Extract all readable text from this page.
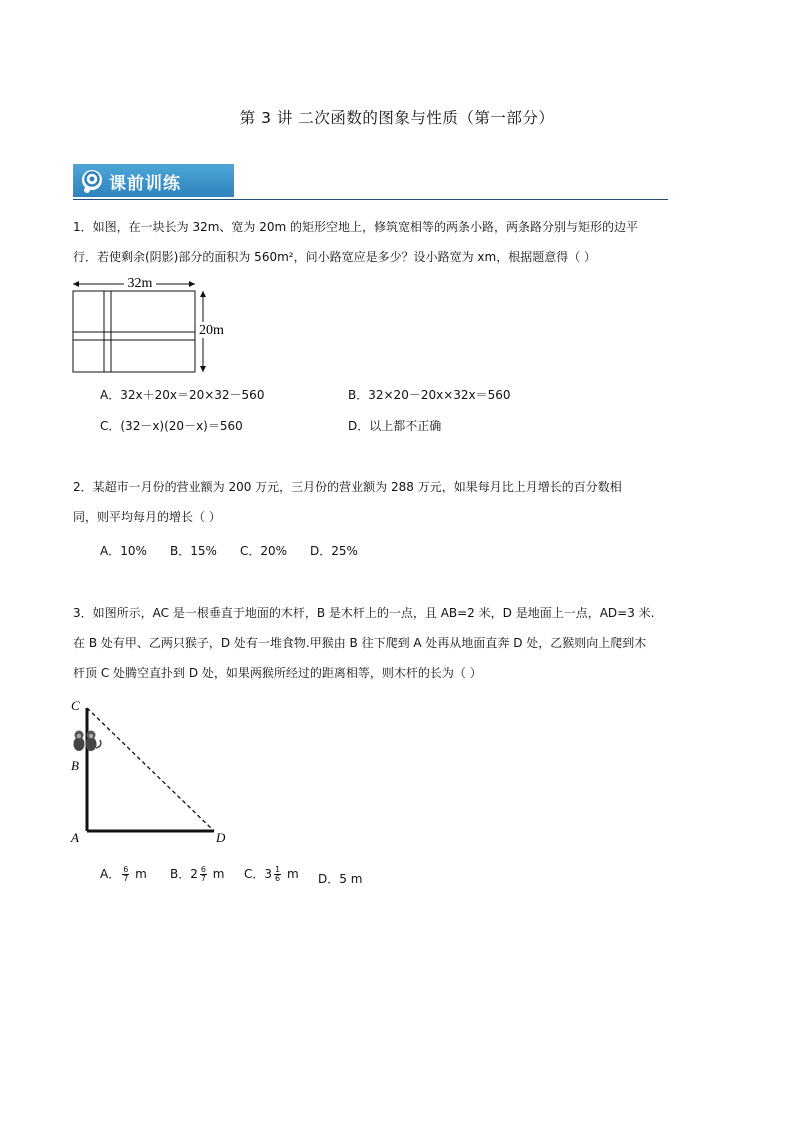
第 3 讲 二次函数的图象与性质（第一部分）
课前训练
1．如图，在一块长为 32m、宽为 20m 的矩形空地上，修筑宽相等的两条小路，两条路分别与矩形的边平
行．若使剩余(阴影)部分的面积为 560m²，问小路宽应是多少？设小路宽为 xm，根据题意得（ ）
32m
20m
A．32x＋20x＝20×32－560	B．32×20－20x×32x＝560
C．(32－x)(20－x)＝560	D．以上都不正确
2．某超市一月份的营业额为 200 万元，三月份的营业额为 288 万元，如果每月比上月增长的百分数相
同，则平均每月的增长（ ）
A．10% B．15% C．20% D．25%
3．如图所示，AC 是一根垂直于地面的木杆，B 是木杆上的一点，且 AB=2 米，D 是地面上一点，AD=3 米.
在 B 处有甲、乙两只猴子，D 处有一堆食物.甲猴由 B 往下爬到 A 处再从地面直奔 D 处，乙猴则向上爬到木
杆顶 C 处腾空直扑到 D 处，如果两猴所经过的距离相等，则木杆的长为（ ）
C
B
A	D
A． $\frac{6}{7}$ m B．$2 \frac{6}{7}$ m C．$3 \frac{1}{6}$ m D．5 m
